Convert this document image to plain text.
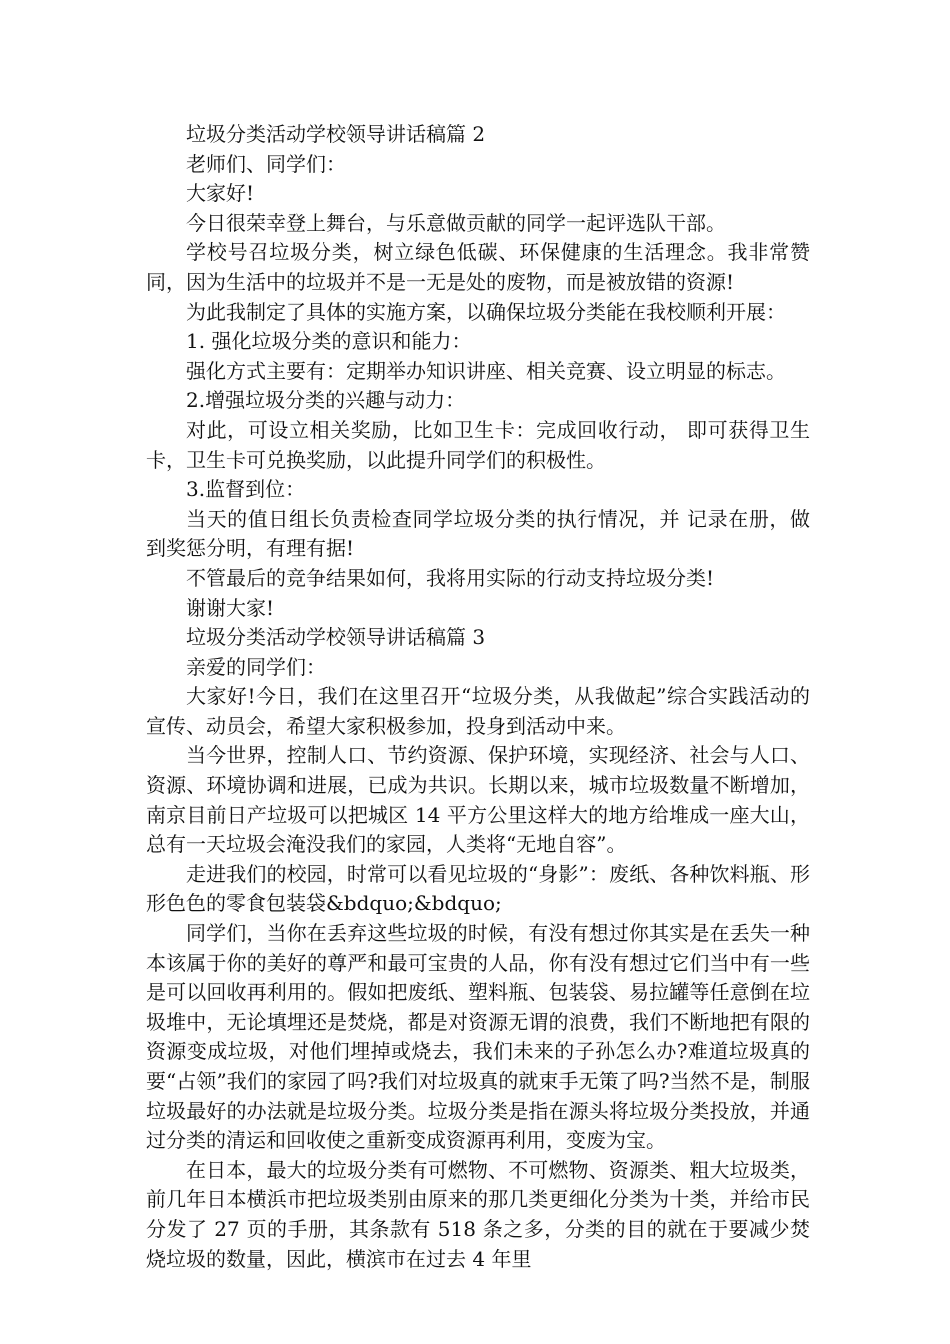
垃圾分类活动学校领导讲话稿篇 2

老师们、同学们：

大家好!

今日很荣幸登上舞台，与乐意做贡献的同学一起评选队干部。

学校号召垃圾分类，树立绿色低碳、环保健康的生活理念。我非常赞同，因为生活中的垃圾并不是一无是处的废物，而是被放错的资源!

为此我制定了具体的实施方案，以确保垃圾分类能在我校顺利开展：

1. 强化垃圾分类的意识和能力：

强化方式主要有：定期举办知识讲座、相关竞赛、设立明显的标志。

2.增强垃圾分类的兴趣与动力：

对此，可设立相关奖励，比如卫生卡：完成回收行动， 即可获得卫生卡，卫生卡可兑换奖励，以此提升同学们的积极性。

3.监督到位：

当天的值日组长负责检查同学垃圾分类的执行情况，并 记录在册，做到奖惩分明，有理有据!

不管最后的竞争结果如何，我将用实际的行动支持垃圾分类!

谢谢大家!

垃圾分类活动学校领导讲话稿篇 3

亲爱的同学们：

大家好!今日，我们在这里召开“垃圾分类，从我做起”综合实践活动的宣传、动员会，希望大家积极参加，投身到活动中来。

当今世界，控制人口、节约资源、保护环境，实现经济、社会与人口、资源、环境协调和进展，已成为共识。长期以来，城市垃圾数量不断增加，南京目前日产垃圾可以把城区 14 平方公里这样大的地方给堆成一座大山，总有一天垃圾会淹没我们的家园，人类将“无地自容”。

走进我们的校园，时常可以看见垃圾的“身影”：废纸、各种饮料瓶、形形色色的零食包装袋&bdquo;&bdquo;

同学们，当你在丢弃这些垃圾的时候，有没有想过你其实是在丢失一种本该属于你的美好的尊严和最可宝贵的人品，你有没有想过它们当中有一些是可以回收再利用的。假如把废纸、塑料瓶、包装袋、易拉罐等任意倒在垃圾堆中，无论填埋还是焚烧，都是对资源无谓的浪费，我们不断地把有限的资源变成垃圾，对他们埋掉或烧去，我们未来的子孙怎么办?难道垃圾真的要“占领”我们的家园了吗?我们对垃圾真的就束手无策了吗?当然不是，制服垃圾最好的办法就是垃圾分类。垃圾分类是指在源头将垃圾分类投放，并通过分类的清运和回收使之重新变成资源再利用，变废为宝。

在日本，最大的垃圾分类有可燃物、不可燃物、资源类、粗大垃圾类，前几年日本横浜市把垃圾类别由原来的那几类更细化分类为十类，并给市民分发了 27 页的手册，其条款有 518 条之多，分类的目的就在于要减少焚烧垃圾的数量，因此，横滨市在过去 4 年里
